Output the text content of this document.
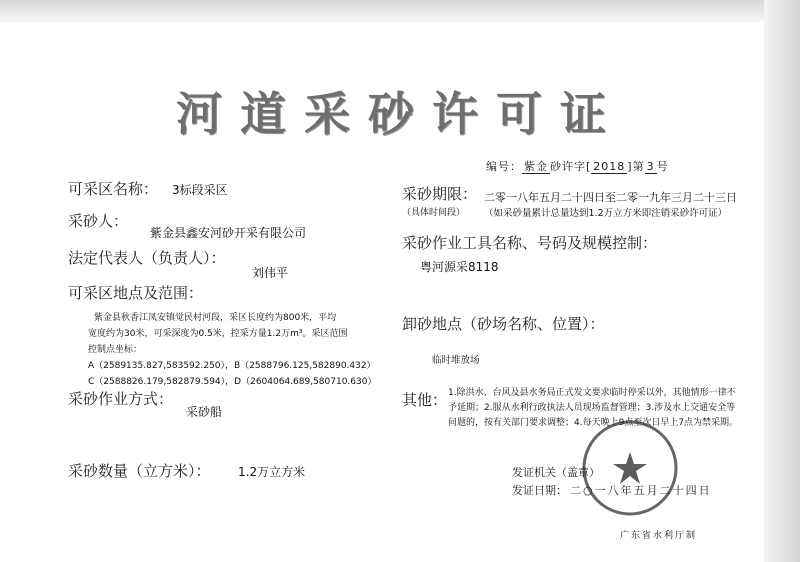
河道采砂许可证
编号： 紫金 砂许字[ 2018 ]第 3 号
可采区名称： 3标段采区
采砂人：
紫金县鑫安河砂开采有限公司
法定代表人（负责人）：
刘伟平
可采区地点及范围：
紫金县秋香江凤安镇觉民村河段，采区长度约为800米，平均
宽度约为30米，可采深度为0.5米，控采方量1.2万m³。采区范围
控制点坐标：
A（2589135.827,583592.250），B（2588796.125,582890.432）
C（2588826.179,582879.594），D（2604064.689,580710.630）
采砂作业方式：
采砂船
采砂数量（立方米）： 1.2万立方米
采砂期限： 二零一八年五月二十四日至二零一九年三月二十三日
（具体时间段） （如采砂量累计总量达到1.2万立方米即注销采砂许可证）
采砂作业工具名称、号码及规模控制：
粤河源采8118
卸砂地点（砂场名称、位置）：
临时堆放场
其他： 1.除洪水、台风及县水务局正式发文要求临时停采以外，其他情形一律不
予延期；2.服从水利行政执法人员现场监督管理；3.涉及水上交通安全等
问题的，按有关部门要求调整；4.每天晚上9点至次日早上7点为禁采期。
发证机关（盖章）
发证日期： 二○一八年五月二十四日
广东省水利厅制
